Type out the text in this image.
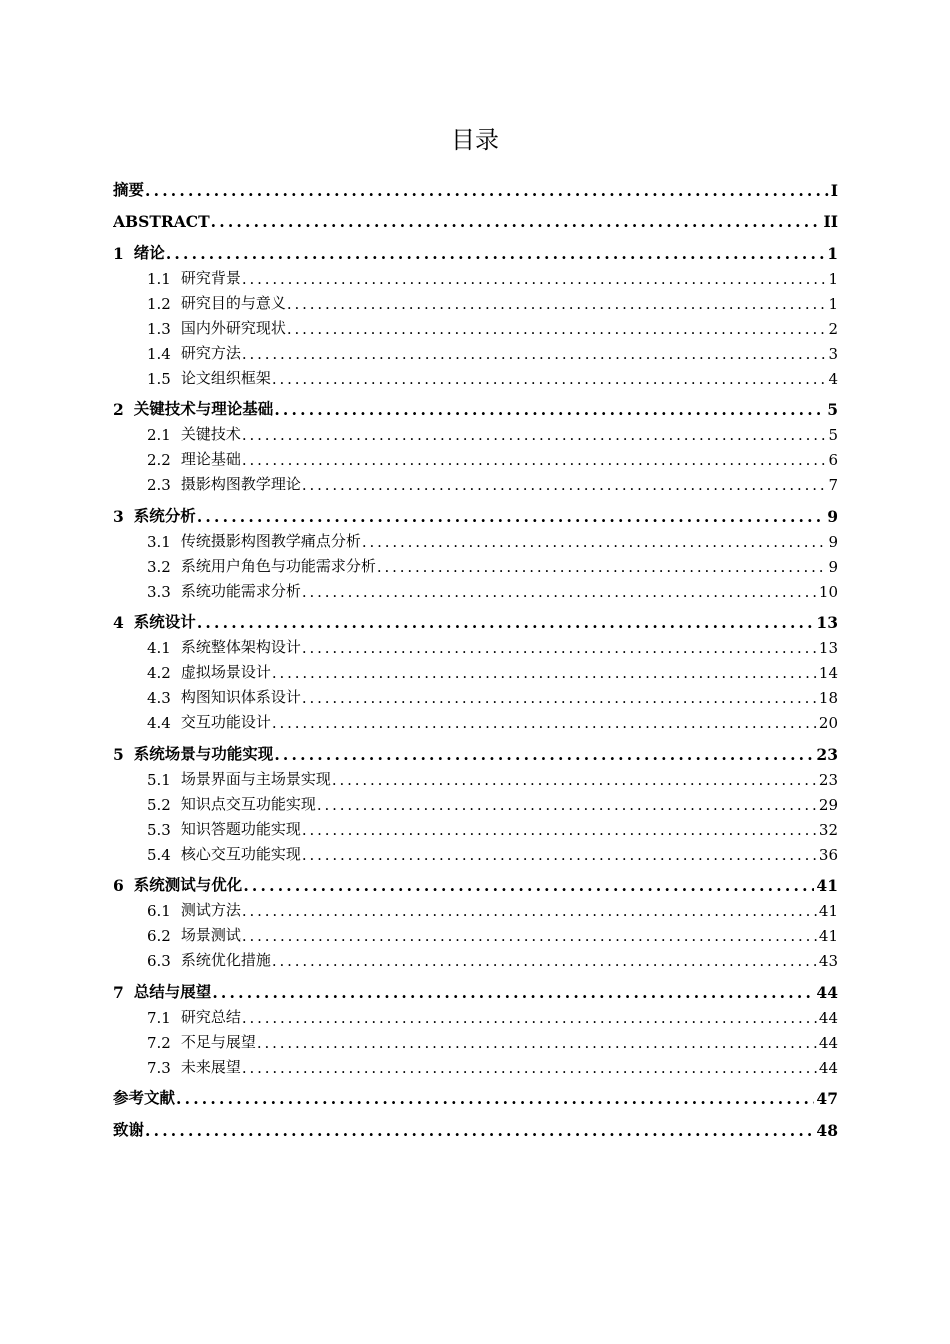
目录
摘要 .....	I
ABSTRACT .....	II
1 绪论 .....	1
1.1 研究背景 .....	1
1.2 研究目的与意义 .....	1
1.3 国内外研究现状 .....	2
1.4 研究方法 .....	3
1.5 论文组织框架 .....	4
2 关键技术与理论基础 .....	5
2.1 关键技术 .....	5
2.2 理论基础 .....	6
2.3 摄影构图教学理论 .....	7
3 系统分析 .....	9
3.1 传统摄影构图教学痛点分析 .....	9
3.2 系统用户角色与功能需求分析 .....	9
3.3 系统功能需求分析 .....	10
4 系统设计 .....	13
4.1 系统整体架构设计 .....	13
4.2 虚拟场景设计 .....	14
4.3 构图知识体系设计 .....	18
4.4 交互功能设计 .....	20
5 系统场景与功能实现 .....	23
5.1 场景界面与主场景实现 .....	23
5.2 知识点交互功能实现 .....	29
5.3 知识答题功能实现 .....	32
5.4 核心交互功能实现 .....	36
6 系统测试与优化 .....	41
6.1 测试方法 .....	41
6.2 场景测试 .....	41
6.3 系统优化措施 .....	43
7 总结与展望 .....	44
7.1 研究总结 .....	44
7.2 不足与展望 .....	44
7.3 未来展望 .....	44
参考文献 .....	47
致谢 .....	48
